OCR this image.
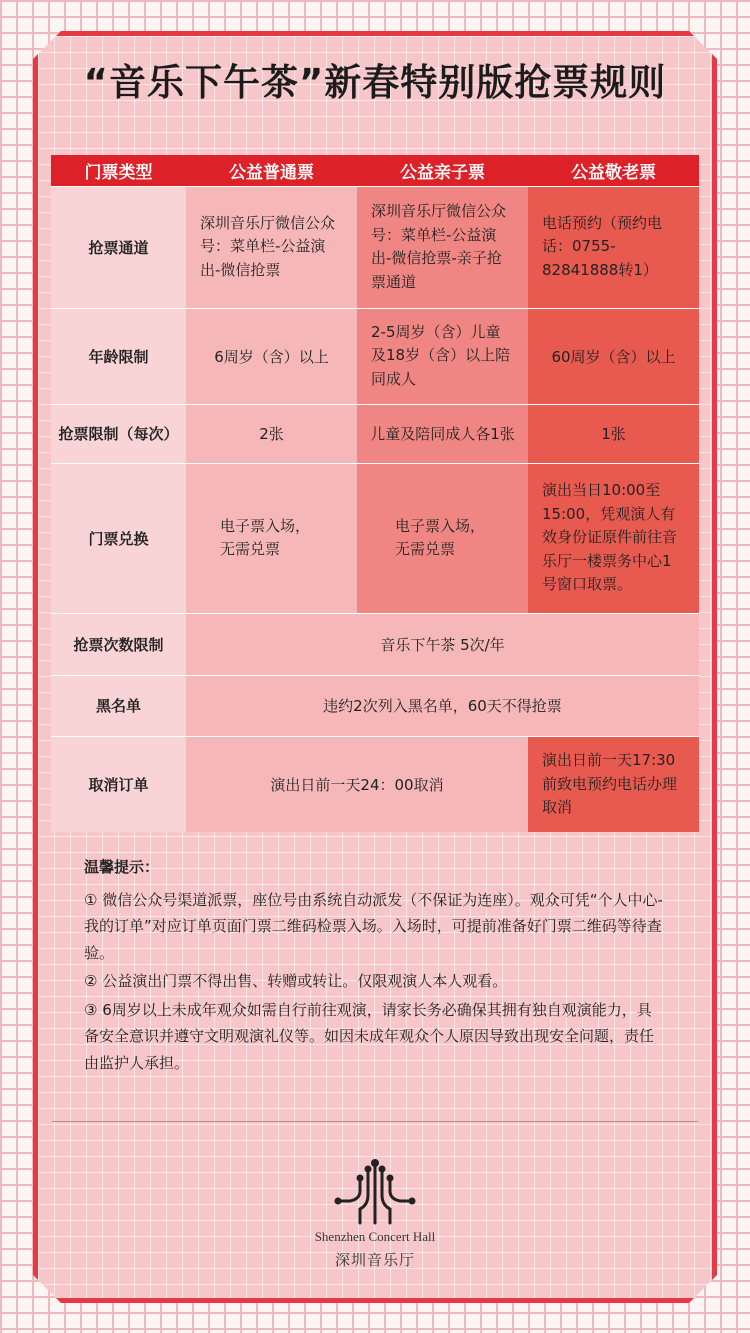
“音乐下午茶”新春特别版抢票规则
门票类型	公益普通票	公益亲子票	公益敬老票
抢票通道	深圳音乐厅微信公众号：菜单栏-公益演出-微信抢票	深圳音乐厅微信公众号：菜单栏-公益演出-微信抢票-亲子抢票通道	电话预约（预约电话：0755-82841888转1）

年龄限制	6周岁（含）以上	2-5周岁（含）儿童及18岁（含）以上陪同成人	60周岁（含）以上
抢票限制（每次）	2张	儿童及陪同成人各1张	1张
门票兑换	电子票入场，无需兑票	电子票入场，无需兑票	演出当日10:00至15:00，凭观演人有效身份证原件前往音乐厅一楼票务中心1号窗口取票。

抢票次数限制	音乐下午茶 5次/年		
黑名单	违约2次列入黑名单，60天不得抢票		
取消订单	演出日前一天24：00取消		演出日前一天17:30前致电预约电话办理取消
温馨提示：
① 微信公众号渠道派票，座位号由系统自动派发（不保证为连座）。观众可凭“个人中心-我的订单”对应订单页面门票二维码检票入场。入场时，可提前准备好门票二维码等待查验。
② 公益演出门票不得出售、转赠或转让。仅限观演人本人观看。
③ 6周岁以上未成年观众如需自行前往观演，请家长务必确保其拥有独自观演能力，具备安全意识并遵守文明观演礼仪等。如因未成年观众个人原因导致出现安全问题，责任由监护人承担。
Shenzhen Concert Hall
深圳音乐厅
